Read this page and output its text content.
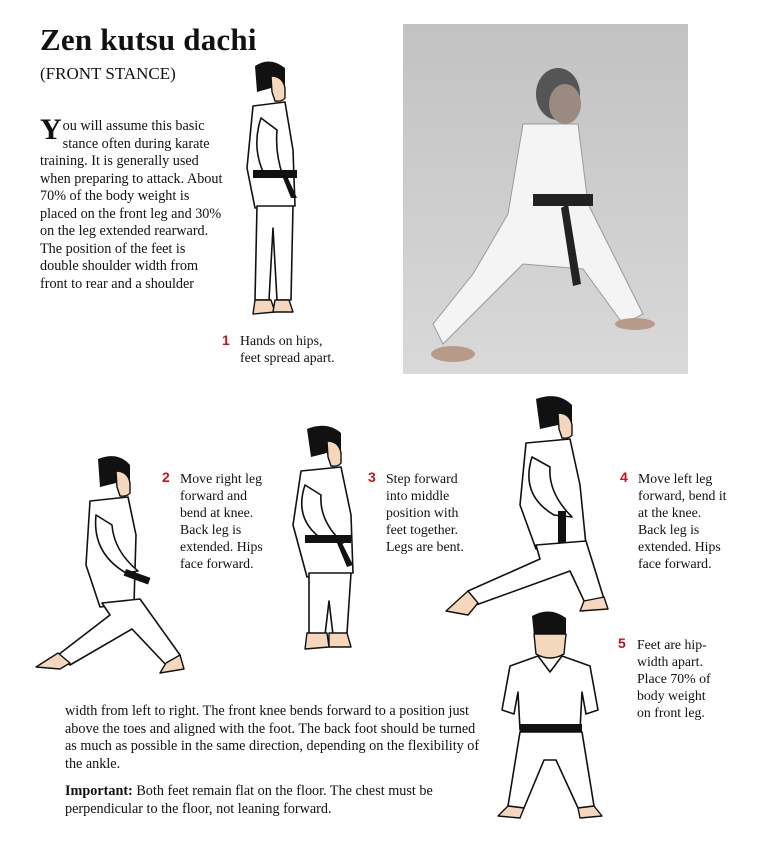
Zen kutsu dachi
(FRONT STANCE)
You will assume this basic stance often during karate training. It is generally used when preparing to attack. About 70% of the body weight is placed on the front leg and 30% on the leg extended rearward. The position of the feet is double shoulder width from front to rear and a shoulder
1 Hands on hips, feet spread apart.
2 Move right leg forward and bend at knee. Back leg is extended. Hips face forward.
3 Step forward into middle position with feet together. Legs are bent.
4 Move left leg forward, bend it at the knee. Back leg is extended. Hips face forward.
5 Feet are hip-width apart. Place 70% of body weight on front leg.

width from left to right. The front knee bends forward to a position just above the toes and aligned with the foot. The back foot should be turned as much as possible in the same direction, depending on the flexibility of the ankle.

Important: Both feet remain flat on the floor. The chest must be perpendicular to the floor, not leaning forward.
